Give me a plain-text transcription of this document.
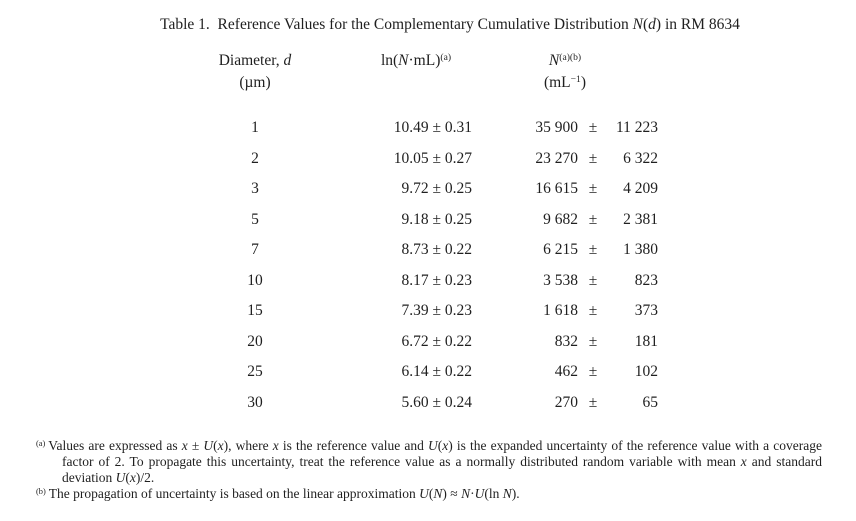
Table 1.  Reference Values for the Complementary Cumulative Distribution N(d) in RM 8634
Diameter, d		$\ln(N\cdot mL)^{(a)}$	$N^{(a)(b)}$
(µm)			$(mL^{-1})$		

1		10.49 ± 0.31	35 900	±	11 223
2		10.05 ± 0.27	23 270	±	6 322
3		9.72 ± 0.25	16 615	±	4 209
5		9.18 ± 0.25	9 682	±	2 381
7		8.73 ± 0.22	6 215	±	1 380
10		8.17 ± 0.23	3 538	±	823
15		7.39 ± 0.23	1 618	±	373
20		6.72 ± 0.22	832	±	181
25		6.14 ± 0.22	462	±	102
30		5.60 ± 0.24	270	±	65
$^{(a)}$ Values are expressed as x ± U(x), where x is the reference value and U(x) is the expanded uncertainty of the reference value with a coverage factor of 2. To propagate this uncertainty, treat the reference value as a normally distributed random variable with mean x and standard deviation U(x)/2.
$^{(b)}$ The propagation of uncertainty is based on the linear approximation U(N) ≈ N·U(ln N).
